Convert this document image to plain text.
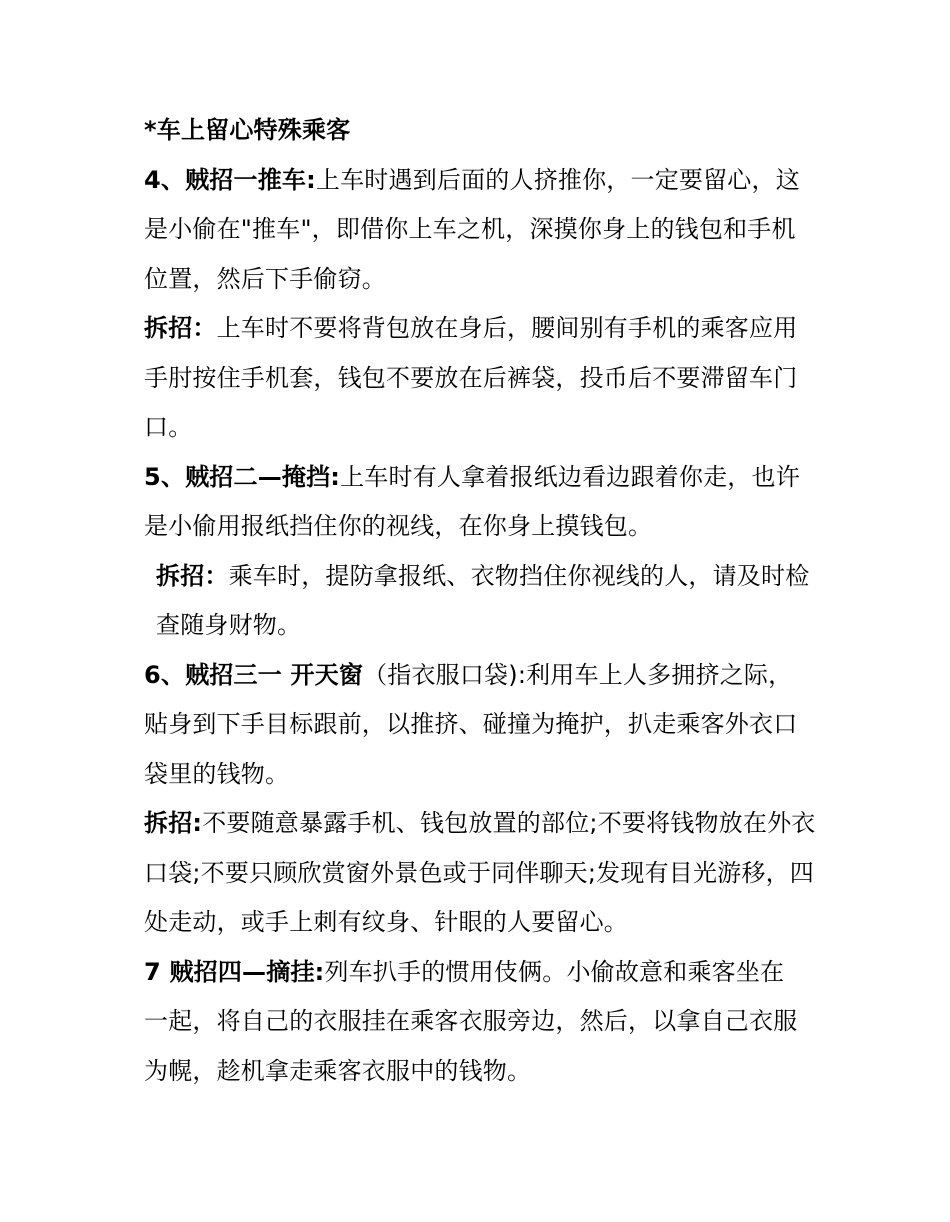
*车上留心特殊乘客

4、贼招一推车:上车时遇到后面的人挤推你，一定要留心，这是小偷在"推车"，即借你上车之机，深摸你身上的钱包和手机位置，然后下手偷窃。

拆招：上车时不要将背包放在身后，腰间别有手机的乘客应用手肘按住手机套，钱包不要放在后裤袋，投币后不要滞留车门口。

5、贼招二—掩挡:上车时有人拿着报纸边看边跟着你走，也许是小偷用报纸挡住你的视线，在你身上摸钱包。

拆招：乘车时，提防拿报纸、衣物挡住你视线的人，请及时检查随身财物。

6、贼招三一 开天窗（指衣服口袋):利用车上人多拥挤之际，贴身到下手目标跟前，以推挤、碰撞为掩护，扒走乘客外衣口袋里的钱物。

拆招:不要随意暴露手机、钱包放置的部位;不要将钱物放在外衣口袋;不要只顾欣赏窗外景色或于同伴聊天;发现有目光游移，四处走动，或手上刺有纹身、针眼的人要留心。

7 贼招四—摘挂:列车扒手的惯用伎俩。小偷故意和乘客坐在 一起，将自己的衣服挂在乘客衣服旁边，然后，以拿自己衣服为幌，趁机拿走乘客衣服中的钱物。
